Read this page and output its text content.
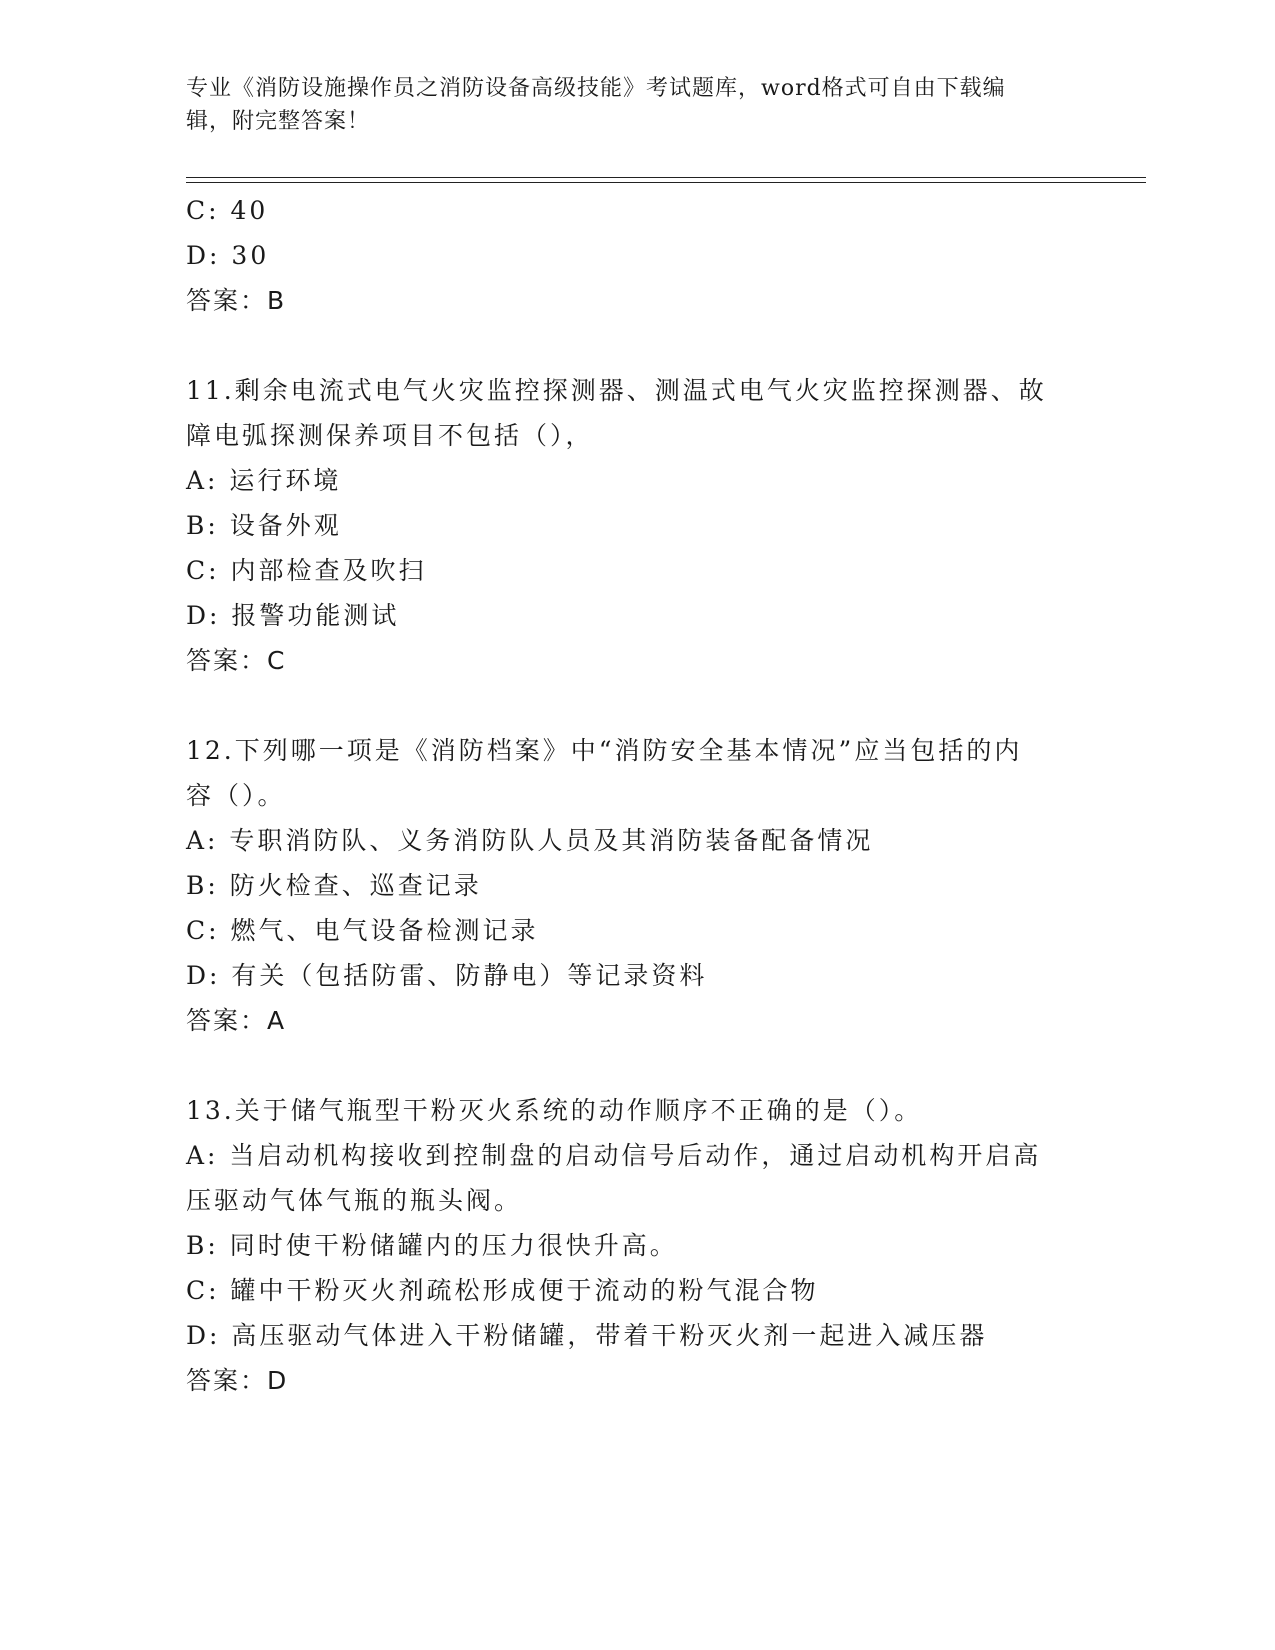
专业《消防设施操作员之消防设备高级技能》考试题库，word格式可自由下载编
辑，附完整答案！
C: 40
D: 30
答案：B
11.剩余电流式电气火灾监控探测器、测温式电气火灾监控探测器、故
障电弧探测保养项目不包括（），
A: 运行环境
B: 设备外观
C: 内部检查及吹扫
D: 报警功能测试
答案：C
12.下列哪一项是《消防档案》中“消防安全基本情况”应当包括的内
容（）。
A: 专职消防队、义务消防队人员及其消防装备配备情况
B: 防火检查、巡查记录
C: 燃气、电气设备检测记录
D: 有关（包括防雷、防静电）等记录资料
答案：A
13.关于储气瓶型干粉灭火系统的动作顺序不正确的是（）。
A: 当启动机构接收到控制盘的启动信号后动作，通过启动机构开启高
压驱动气体气瓶的瓶头阀。
B: 同时使干粉储罐内的压力很快升高。
C: 罐中干粉灭火剂疏松形成便于流动的粉气混合物
D: 高压驱动气体进入干粉储罐，带着干粉灭火剂一起进入减压器
答案：D
